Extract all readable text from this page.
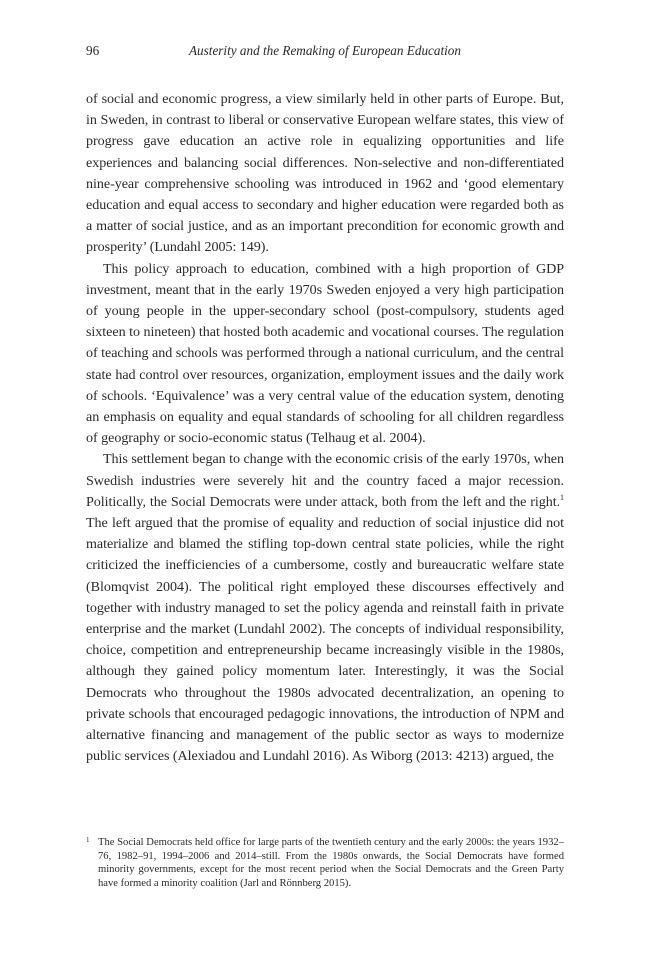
96	Austerity and the Remaking of European Education

of social and economic progress, a view similarly held in other parts of Europe. But, in Sweden, in contrast to liberal or conservative European welfare states, this view of progress gave education an active role in equalizing opportunities and life experiences and balancing social differences. Non-selective and non-differentiated nine-year comprehensive schooling was introduced in 1962 and ‘good elementary education and equal access to secondary and higher education were regarded both as a matter of social justice, and as an important precondition for economic growth and prosperity’ (Lundahl 2005: 149).

This policy approach to education, combined with a high proportion of GDP investment, meant that in the early 1970s Sweden enjoyed a very high participation of young people in the upper-secondary school (post-compulsory, students aged sixteen to nineteen) that hosted both academic and vocational courses. The regulation of teaching and schools was performed through a national curriculum, and the central state had control over resources, organization, employment issues and the daily work of schools. ‘Equivalence’ was a very central value of the education system, denoting an emphasis on equality and equal standards of schooling for all children regardless of geography or socio-economic status (Telhaug et al. 2004).

This settlement began to change with the economic crisis of the early 1970s, when Swedish industries were severely hit and the country faced a major recession. Politically, the Social Democrats were under attack, both from the left and the right.$^1$ The left argued that the promise of equality and reduction of social injustice did not materialize and blamed the stifling top-down central state policies, while the right criticized the inefficiencies of a cumbersome, costly and bureaucratic welfare state (Blomqvist 2004). The political right employed these discourses effectively and together with industry managed to set the policy agenda and reinstall faith in private enterprise and the market (Lundahl 2002). The concepts of individual responsibility, choice, competition and entrepreneurship became increasingly visible in the 1980s, although they gained policy momentum later. Interestingly, it was the Social Democrats who throughout the 1980s advocated decentralization, an opening to private schools that encouraged pedagogic innovations, the introduction of NPM and alternative financing and management of the public sector as ways to modernize public services (Alexiadou and Lundahl 2016). As Wiborg (2013: 4213) argued, the

1 The Social Democrats held office for large parts of the twentieth century and the early 2000s: the years 1932–76, 1982–91, 1994–2006 and 2014–still. From the 1980s onwards, the Social Democrats have formed minority governments, except for the most recent period when the Social Democrats and the Green Party have formed a minority coalition (Jarl and Rönnberg 2015).
